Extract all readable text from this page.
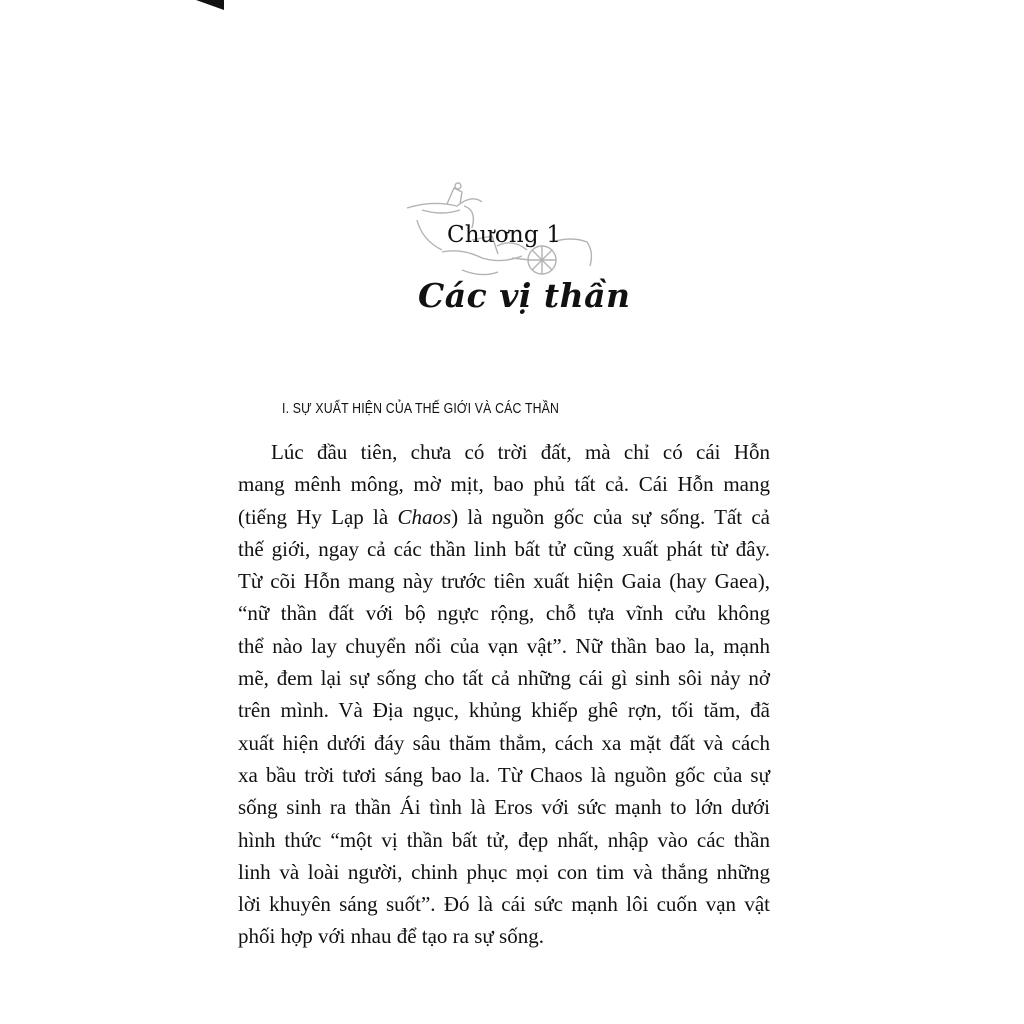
Chương 1
Các vị thần
I. SỰ XUẤT HIỆN CỦA THẾ GIỚI VÀ CÁC THẦN
Lúc đầu tiên, chưa có trời đất, mà chỉ có cái Hỗn
mang mênh mông, mờ mịt, bao phủ tất cả. Cái Hỗn mang
(tiếng Hy Lạp là Chaos) là nguồn gốc của sự sống. Tất cả
thế giới, ngay cả các thần linh bất tử cũng xuất phát từ đây.
Từ cõi Hỗn mang này trước tiên xuất hiện Gaia (hay Gaea),
“nữ thần đất với bộ ngực rộng, chỗ tựa vĩnh cửu không
thể nào lay chuyển nổi của vạn vật”. Nữ thần bao la, mạnh
mẽ, đem lại sự sống cho tất cả những cái gì sinh sôi nảy nở
trên mình. Và Địa ngục, khủng khiếp ghê rợn, tối tăm, đã
xuất hiện dưới đáy sâu thăm thẳm, cách xa mặt đất và cách
xa bầu trời tươi sáng bao la. Từ Chaos là nguồn gốc của sự
sống sinh ra thần Ái tình là Eros với sức mạnh to lớn dưới
hình thức “một vị thần bất tử, đẹp nhất, nhập vào các thần
linh và loài người, chinh phục mọi con tim và thắng những
lời khuyên sáng suốt”. Đó là cái sức mạnh lôi cuốn vạn vật
phối hợp với nhau để tạo ra sự sống.
